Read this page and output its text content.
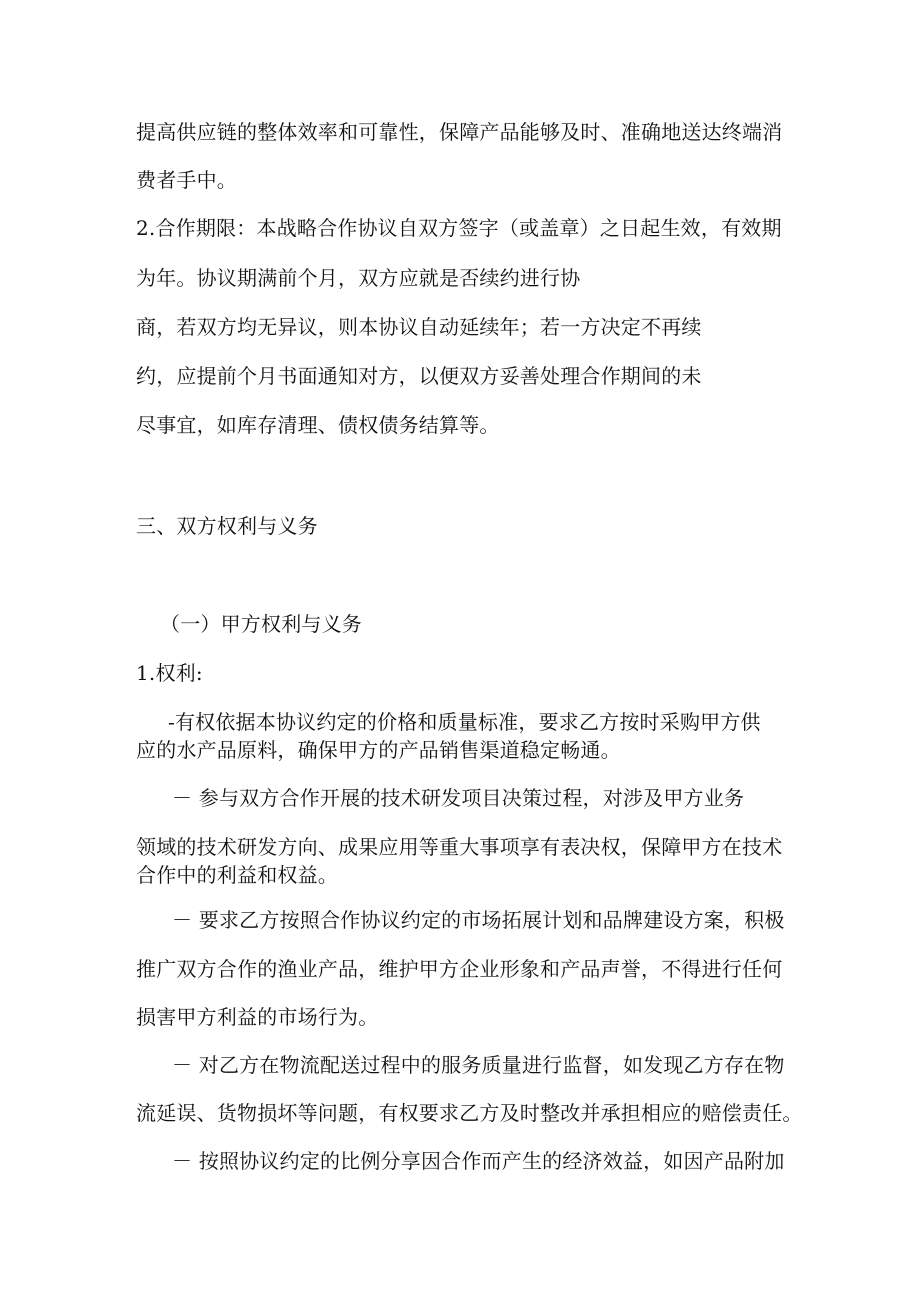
提高供应链的整体效率和可靠性，保障产品能够及时、准确地送达终端消
费者手中。
2.合作期限：本战略合作协议自双方签字（或盖章）之日起生效，有效期
为年。协议期满前个月，双方应就是否续约进行协
商，若双方均无异议，则本协议自动延续年；若一方决定不再续
约，应提前个月书面通知对方，以便双方妥善处理合作期间的未
尽事宜，如库存清理、债权债务结算等。
三、双方权利与义务
（一）甲方权利与义务
1.权利:
-有权依据本协议约定的价格和质量标准，要求乙方按时采购甲方供
应的水产品原料，确保甲方的产品销售渠道稳定畅通。
－ 参与双方合作开展的技术研发项目决策过程，对涉及甲方业务
领域的技术研发方向、成果应用等重大事项享有表决权，保障甲方在技术
合作中的利益和权益。
－ 要求乙方按照合作协议约定的市场拓展计划和品牌建设方案，积极
推广双方合作的渔业产品，维护甲方企业形象和产品声誉，不得进行任何
损害甲方利益的市场行为。
－ 对乙方在物流配送过程中的服务质量进行监督，如发现乙方存在物
流延误、货物损坏等问题，有权要求乙方及时整改并承担相应的赔偿责任。
－ 按照协议约定的比例分享因合作而产生的经济效益，如因产品附加
